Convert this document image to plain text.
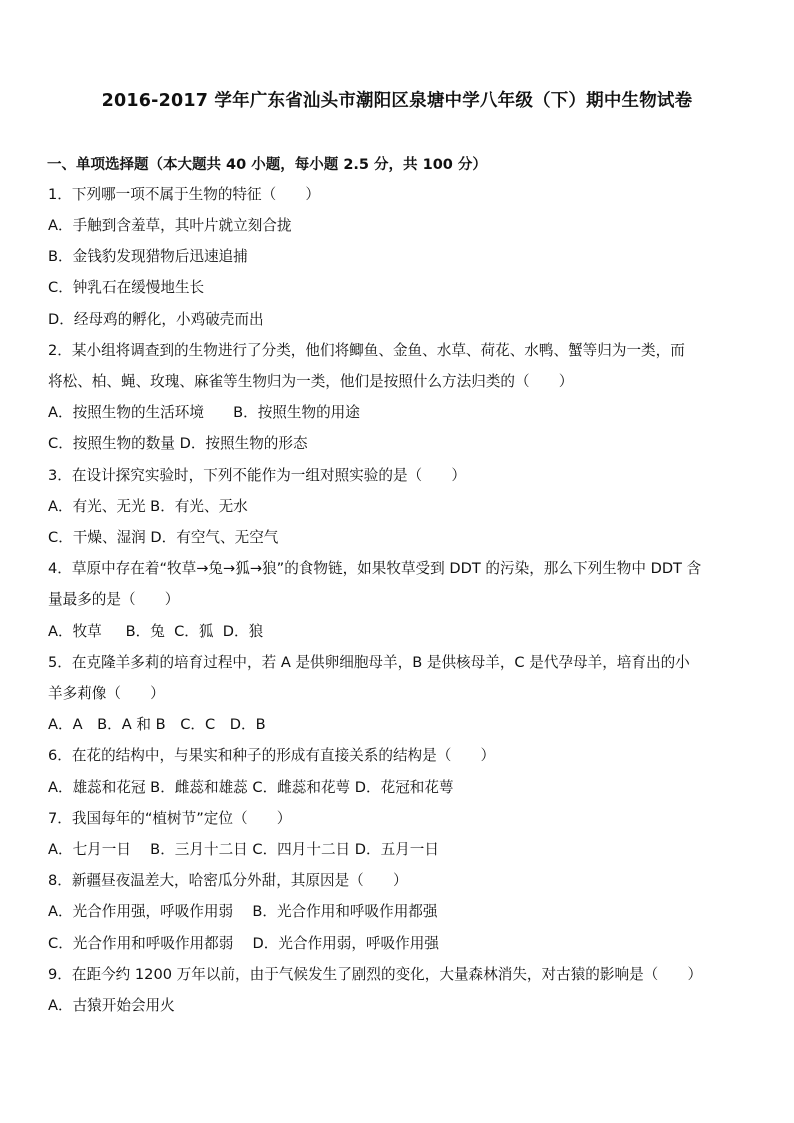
2016-2017 学年广东省汕头市潮阳区泉塘中学八年级（下）期中生物试卷
一、单项选择题（本大题共 40 小题，每小题 2.5 分，共 100 分）
1．下列哪一项不属于生物的特征（　　）
A．手触到含羞草，其叶片就立刻合拢
B．金钱豹发现猎物后迅速追捕
C．钟乳石在缓慢地生长
D．经母鸡的孵化，小鸡破壳而出
2．某小组将调查到的生物进行了分类，他们将鲫鱼、金鱼、水草、荷花、水鸭、蟹等归为一类，而
将松、柏、蝇、玫瑰、麻雀等生物归为一类，他们是按照什么方法归类的（　　）
A．按照生物的生活环境　　B．按照生物的用途
C．按照生物的数量 D．按照生物的形态
3．在设计探究实验时，下列不能作为一组对照实验的是（　　）
A．有光、无光 B．有光、无水
C．干燥、湿润 D．有空气、无空气
4．草原中存在着“牧草→兔→狐→狼”的食物链，如果牧草受到 DDT 的污染，那么下列生物中 DDT 含
量最多的是（　　）
A．牧草　  B．兔  C．狐  D．狼
5．在克隆羊多莉的培育过程中，若 A 是供卵细胞母羊，B 是供核母羊，C 是代孕母羊，培育出的小
羊多莉像（　　）
A．A　B．A 和 B　C．C　D．B
6．在花的结构中，与果实和种子的形成有直接关系的结构是（　　）
A．雄蕊和花冠 B．雌蕊和雄蕊 C．雌蕊和花萼 D．花冠和花萼
7．我国每年的“植树节”定位（　　）
A．七月一日　 B．三月十二日 C．四月十二日 D．五月一日
8．新疆昼夜温差大，哈密瓜分外甜，其原因是（　　）
A．光合作用强，呼吸作用弱　 B．光合作用和呼吸作用都强
C．光合作用和呼吸作用都弱　 D．光合作用弱，呼吸作用强
9．在距今约 1200 万年以前，由于气候发生了剧烈的变化，大量森林消失，对古猿的影响是（　　）
A．古猿开始会用火
